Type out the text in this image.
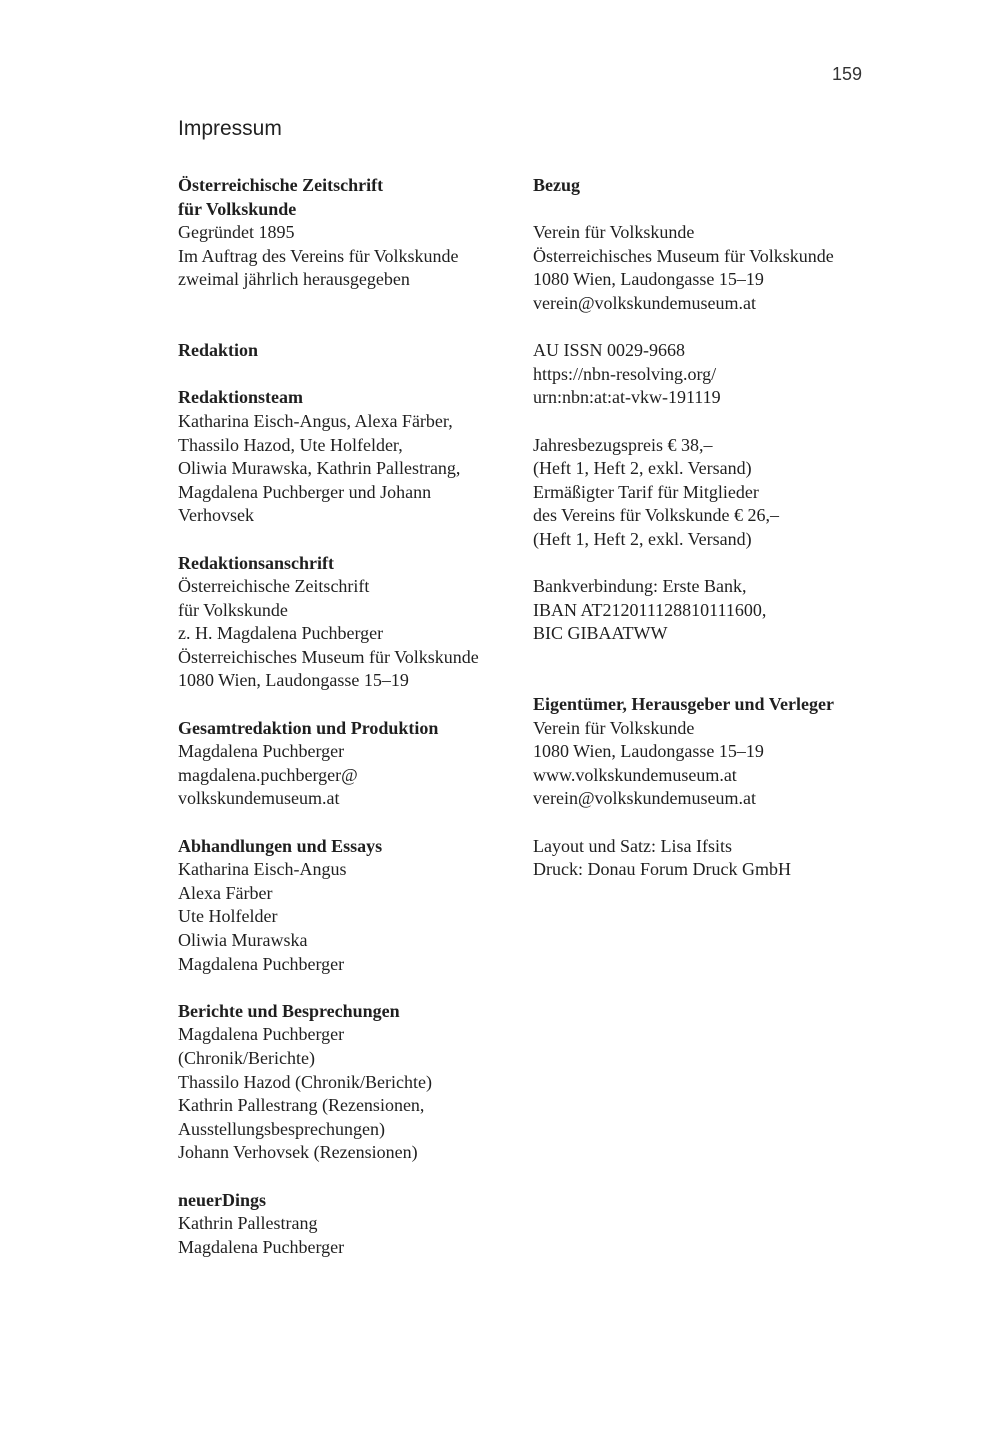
159
Impressum
Österreichische Zeitschrift
für Volkskunde
Gegründet 1895
Im Auftrag des Vereins für Volkskunde
zweimal jährlich herausgegeben
Redaktion
Redaktionsteam
Katharina Eisch-Angus, Alexa Färber,
Thassilo Hazod, Ute Holfelder,
Oliwia Murawska, Kathrin Pallestrang,
Magdalena Puchberger und Johann
Verhovsek
Redaktionsanschrift
Österreichische Zeitschrift
für Volkskunde
z. H. Magdalena Puchberger
Österreichisches Museum für Volkskunde
1080 Wien, Laudongasse 15–19
Gesamtredaktion und Produktion
Magdalena Puchberger
magdalena.puchberger@
volkskundemuseum.at
Abhandlungen und Essays
Katharina Eisch-Angus
Alexa Färber
Ute Holfelder
Oliwia Murawska
Magdalena Puchberger
Berichte und Besprechungen
Magdalena Puchberger
(Chronik/Berichte)
Thassilo Hazod (Chronik/Berichte)
Kathrin Pallestrang (Rezensionen,
Ausstellungsbesprechungen)
Johann Verhovsek (Rezensionen)
neuerDings
Kathrin Pallestrang
Magdalena Puchberger
Bezug
Verein für Volkskunde
Österreichisches Museum für Volkskunde
1080 Wien, Laudongasse 15–19
verein@volkskundemuseum.at
AU ISSN 0029-9668
https://nbn-resolving.org/
urn:nbn:at:at-vkw-191119
Jahresbezugspreis € 38,–
(Heft 1, Heft 2, exkl. Versand)
Ermäßigter Tarif für Mitglieder
des Vereins für Volkskunde € 26,–
(Heft 1, Heft 2, exkl. Versand)
Bankverbindung: Erste Bank,
IBAN AT212011128810111600,
BIC GIBAATWW
Eigentümer, Herausgeber und Verleger
Verein für Volkskunde
1080 Wien, Laudongasse 15–19
www.volkskundemuseum.at
verein@volkskundemuseum.at
Layout und Satz: Lisa Ifsits
Druck: Donau Forum Druck GmbH
